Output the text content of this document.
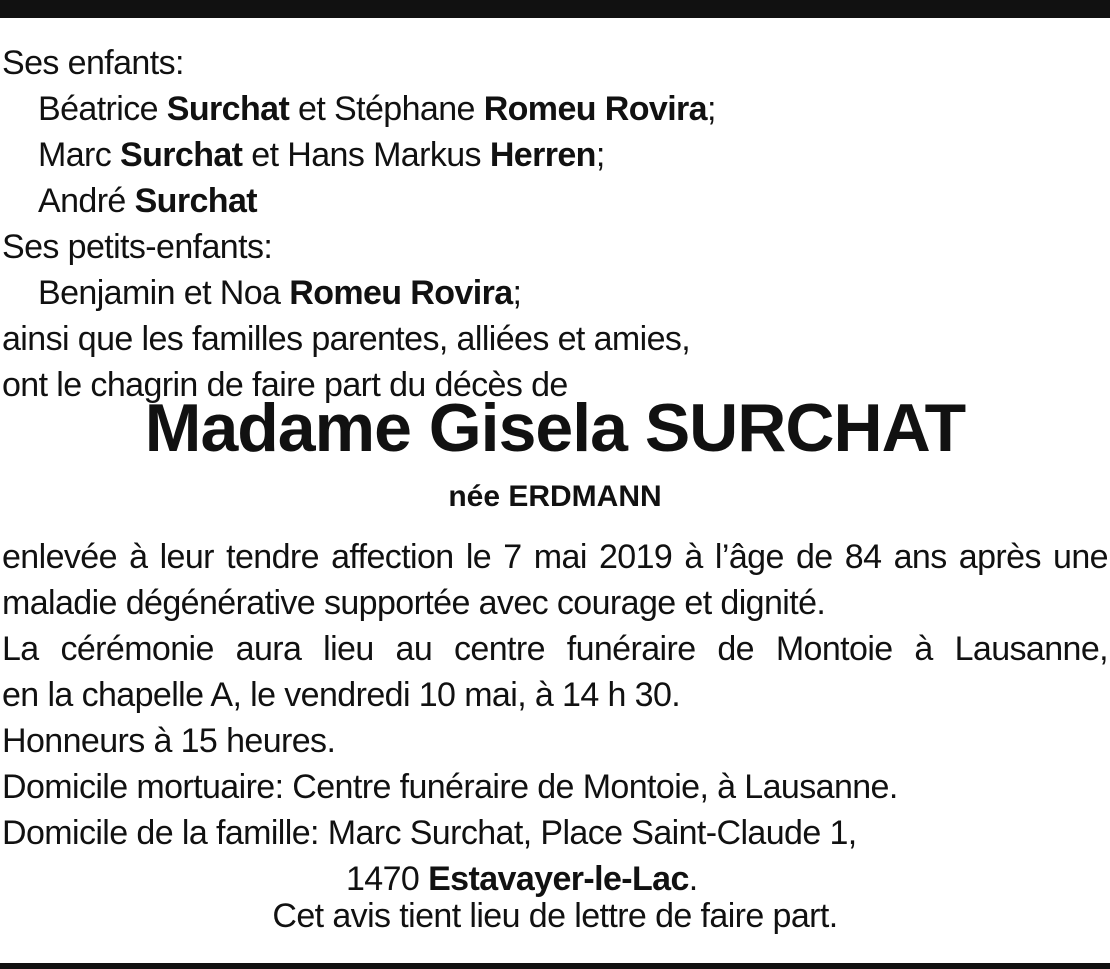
Ses enfants:

Béatrice Surchat et Stéphane Romeu Rovira;

Marc Surchat et Hans Markus Herren;

André Surchat

Ses petits-enfants:

Benjamin et Noa Romeu Rovira;

ainsi que les familles parentes, alliées et amies,

ont le chagrin de faire part du décès de

Madame Gisela SURCHAT
née ERDMANN

enlevée à leur tendre affection le 7 mai 2019 à l’âge de 84 ans après une

maladie dégénérative supportée avec courage et dignité.

La cérémonie aura lieu au centre funéraire de Montoie à Lausanne,

en la chapelle A, le vendredi 10 mai, à 14 h 30.

Honneurs à 15 heures.

Domicile mortuaire: Centre funéraire de Montoie, à Lausanne.

Domicile de la famille: Marc Surchat, Place Saint-Claude 1,

1470 Estavayer-le-Lac.

Cet avis tient lieu de lettre de faire part.
